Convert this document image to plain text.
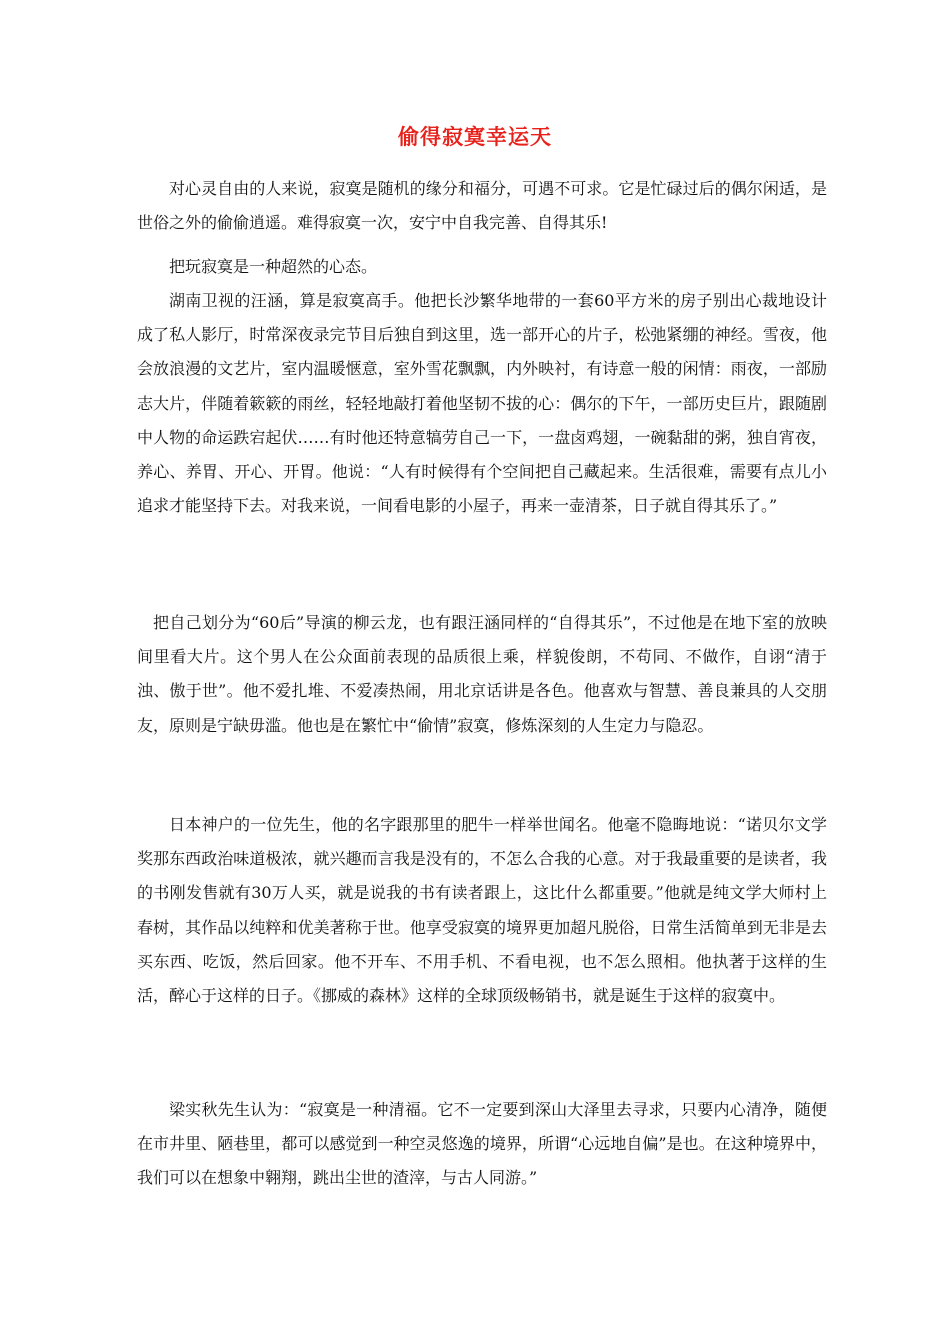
偷得寂寞幸运天

对心灵自由的人来说，寂寞是随机的缘分和福分，可遇不可求。它是忙碌过后的偶尔闲适，是世俗之外的偷偷逍遥。难得寂寞一次，安宁中自我完善、自得其乐!

把玩寂寞是一种超然的心态。

湖南卫视的汪涵，算是寂寞高手。他把长沙繁华地带的一套60平方米的房子别出心裁地设计成了私人影厅，时常深夜录完节目后独自到这里，选一部开心的片子，松弛紧绷的神经。雪夜，他会放浪漫的文艺片，室内温暖惬意，室外雪花飘飘，内外映衬，有诗意一般的闲情：雨夜，一部励志大片，伴随着簌簌的雨丝，轻轻地敲打着他坚韧不拔的心：偶尔的下午，一部历史巨片，跟随剧中人物的命运跌宕起伏……有时他还特意犒劳自己一下，一盘卤鸡翅，一碗黏甜的粥，独自宵夜，养心、养胃、开心、开胃。他说：“人有时候得有个空间把自己藏起来。生活很难，需要有点儿小追求才能坚持下去。对我来说，一间看电影的小屋子，再来一壶清茶，日子就自得其乐了。”

把自己划分为“60后”导演的柳云龙，也有跟汪涵同样的“自得其乐”，不过他是在地下室的放映间里看大片。这个男人在公众面前表现的品质很上乘，样貌俊朗，不苟同、不做作，自诩“清于浊、傲于世”。他不爱扎堆、不爱凑热闹，用北京话讲是各色。他喜欢与智慧、善良兼具的人交朋友，原则是宁缺毋滥。他也是在繁忙中“偷情”寂寞，修炼深刻的人生定力与隐忍。

日本神户的一位先生，他的名字跟那里的肥牛一样举世闻名。他毫不隐晦地说：“诺贝尔文学奖那东西政治味道极浓，就兴趣而言我是没有的，不怎么合我的心意。对于我最重要的是读者，我的书刚发售就有30万人买，就是说我的书有读者跟上，这比什么都重要。”他就是纯文学大师村上春树，其作品以纯粹和优美著称于世。他享受寂寞的境界更加超凡脱俗，日常生活简单到无非是去买东西、吃饭，然后回家。他不开车、不用手机、不看电视，也不怎么照相。他执著于这样的生活，醉心于这样的日子。《挪威的森林》这样的全球顶级畅销书，就是诞生于这样的寂寞中。

梁实秋先生认为：“寂寞是一种清福。它不一定要到深山大泽里去寻求，只要内心清净，随便在市井里、陋巷里，都可以感觉到一种空灵悠逸的境界，所谓“心远地自偏”是也。在这种境界中，我们可以在想象中翱翔，跳出尘世的渣滓，与古人同游。”
